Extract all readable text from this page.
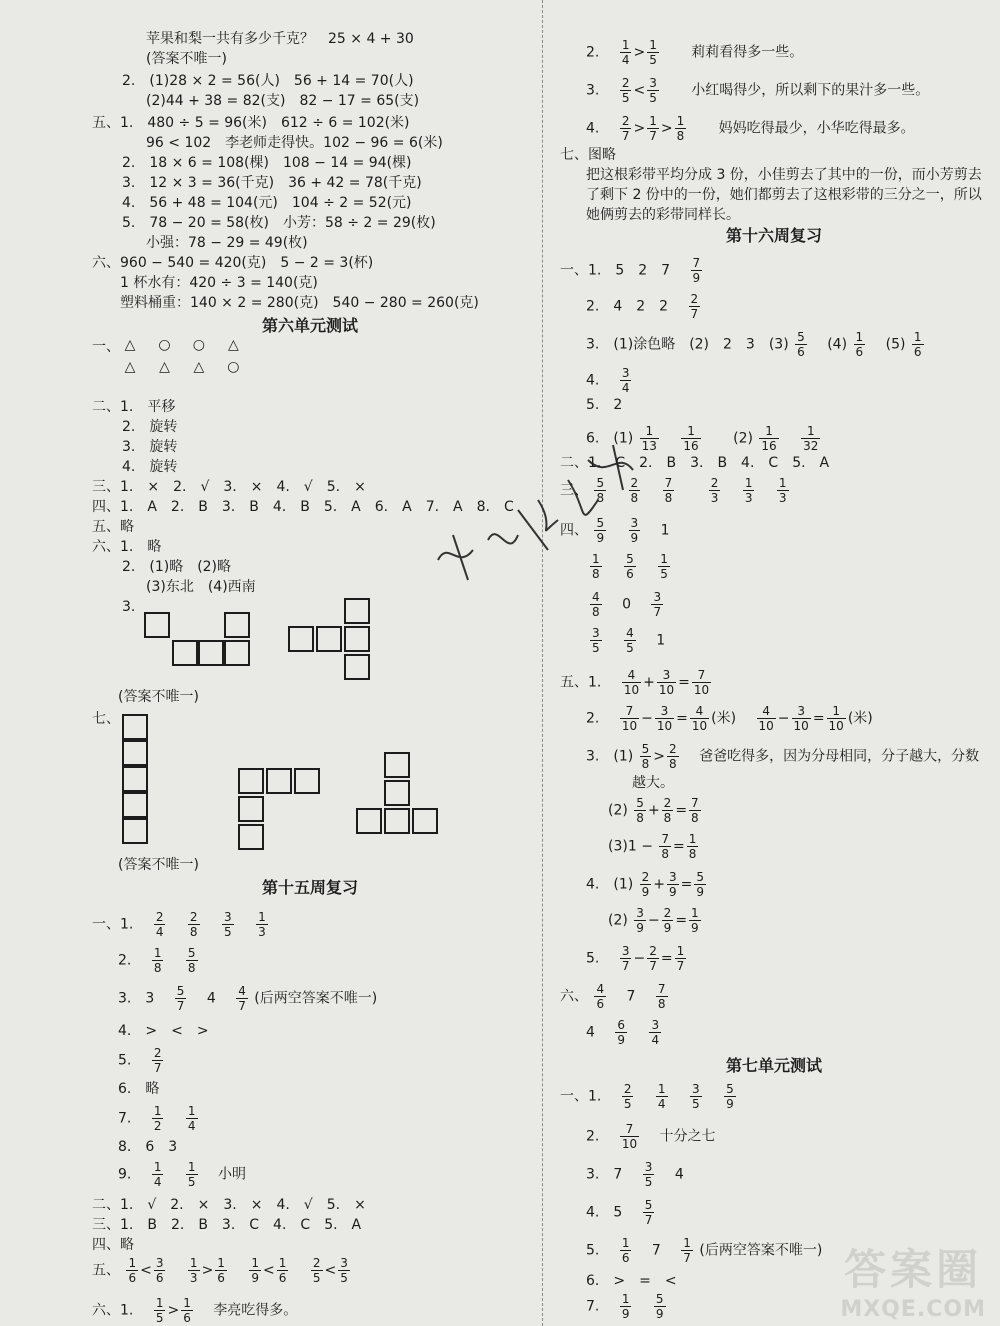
苹果和梨一共有多少千克？　25 × 4 + 30
(答案不唯一)
2.　(1)28 × 2 = 56(人)　56 + 14 = 70(人)
(2)44 + 38 = 82(支)　82 − 17 = 65(支)
五、1.　480 ÷ 5 = 96(米)　612 ÷ 6 = 102(米)
96 < 102　李老师走得快。102 − 96 = 6(米)
2.　18 × 6 = 108(棵)　108 − 14 = 94(棵)
3.　12 × 3 = 36(千克)　36 + 42 = 78(千克)
4.　56 + 48 = 104(元)　104 ÷ 2 = 52(元)
5.　78 − 20 = 58(枚)　小芳：58 ÷ 2 = 29(枚)
小强：78 − 29 = 49(枚)
六、960 − 540 = 420(克)　5 − 2 = 3(杯)
1 杯水有：420 ÷ 3 = 140(克)
塑料桶重：140 × 2 = 280(克)　540 − 280 = 260(克)
第六单元测试
一、 △ ○ ○ △
△ △ △ ○
二、1.　平移
2.　旋转
3.　旋转
4.　旋转
三、1.　×　2.　√　3.　×　4.　√　5.　×
四、1.　A　2.　B　3.　B　4.　B　5.　A　6.　A　7.　A　8.　C
五、略
六、1.　略
2.　(1)略　(2)略
(3)东北　(4)西南
3.
(答案不唯一)
七、
(答案不唯一)
第十五周复习
一、1. $\frac{2}{4}$
$\frac{2}{8}$
$\frac{3}{5}$
$\frac{1}{3}$
2. $\frac{1}{8}$
$\frac{5}{8}$
3.　$3 \frac{5}{7} 4 \frac{4}{7}$ (后两空答案不唯一)
4.　>　<　>
5. $\frac{2}{7}$
6.　略
7. $\frac{1}{2}$
$\frac{1}{4}$
8.　6　3
9. $\frac{1}{4}$
$\frac{1}{5}$ 小明
二、1.　√　2.　×　3.　×　4.　√　5.　×
三、1.　B　2.　B　3.　C　4.　C　5.　A
四、略
五、 $\frac{1}{6} < \frac{3}{6}$
$\frac{1}{3} > \frac{1}{6}$
$\frac{1}{9} < \frac{1}{6}$
$\frac{2}{5} < \frac{3}{5}$
六、1. $\frac{1}{5} > \frac{1}{6}$ 李亮吃得多。
2. $\frac{1}{4} > \frac{1}{5}$ 莉莉看得多一些。
3. $\frac{2}{5} < \frac{3}{5}$ 小红喝得少，所以剩下的果汁多一些。
4. $\frac{2}{7} > \frac{1}{7} > \frac{1}{8}$ 妈妈吃得最少，小华吃得最多。
七、图略
把这根彩带平均分成 3 份，小佳剪去了其中的一份，而小芳剪去
了剩下 2 份中的一份，她们都剪去了这根彩带的三分之一，所以
她俩剪去的彩带同样长。
第十六周复习
一、1.　5　2　$7 \frac{7}{9}$
2.　4　2　$2 \frac{2}{7}$
3.　(1)涂色略　(2)　2　3　$(3) \frac{5}{6} (4) \frac{1}{6} (5) \frac{1}{6}$
4. $\frac{3}{4}$
5.　2
6.　$(1) \frac{1}{13}$
$\frac{1}{16} (2) \frac{1}{16}$
$\frac{1}{32}$
二、1.　C　2.　B　3.　B　4.　C　5.　A
三、 $\frac{5}{8}$
$\frac{2}{8}$
$\frac{7}{8}$
	$\frac{2}{3}$
$\frac{1}{3}$
$\frac{1}{3}$
四、 $\frac{5}{9}$
$\frac{3}{9} 1$
$\frac{1}{8}$
$\frac{5}{6}$
$\frac{1}{5}$
$\frac{4}{8} 0 \frac{3}{7}$
$\frac{3}{5}$
$\frac{4}{5} 1$
五、1. $\frac{4}{10} + \frac{3}{10} = \frac{7}{10}$
2. $\frac{7}{10} - \frac{3}{10} = \frac{4}{10}$ (米) $\frac{4}{10} - \frac{3}{10} = \frac{1}{10}$ (米)
3.　$(1) \frac{5}{8} > \frac{2}{8}$ 爸爸吃得多，因为分母相同，分子越大，分数
越大。
$(2) \frac{5}{8} + \frac{2}{8} = \frac{7}{8}$
$(3)1 - \frac{7}{8} = \frac{1}{8}$
4.　$(1) \frac{2}{9} + \frac{3}{9} = \frac{5}{9}$
$(2) \frac{3}{9} - \frac{2}{9} = \frac{1}{9}$
5. $\frac{3}{7} - \frac{2}{7} = \frac{1}{7}$
六、 $\frac{4}{6} 7 \frac{7}{8}$
$4 \frac{6}{9}$
$\frac{3}{4}$
第七单元测试
一、1. $\frac{2}{5}$
$\frac{1}{4}$
$\frac{3}{5}$
$\frac{5}{9}$
2. $\frac{7}{10}$ 十分之七
3.　$7 \frac{3}{5} 4$
4.　$5 \frac{5}{7}$
5. $\frac{1}{6} 7 \frac{1}{7}$ (后两空答案不唯一)
6.　>　=　<
7. $\frac{1}{9}$
$\frac{5}{9}$
答案圈
MXQE.COM
